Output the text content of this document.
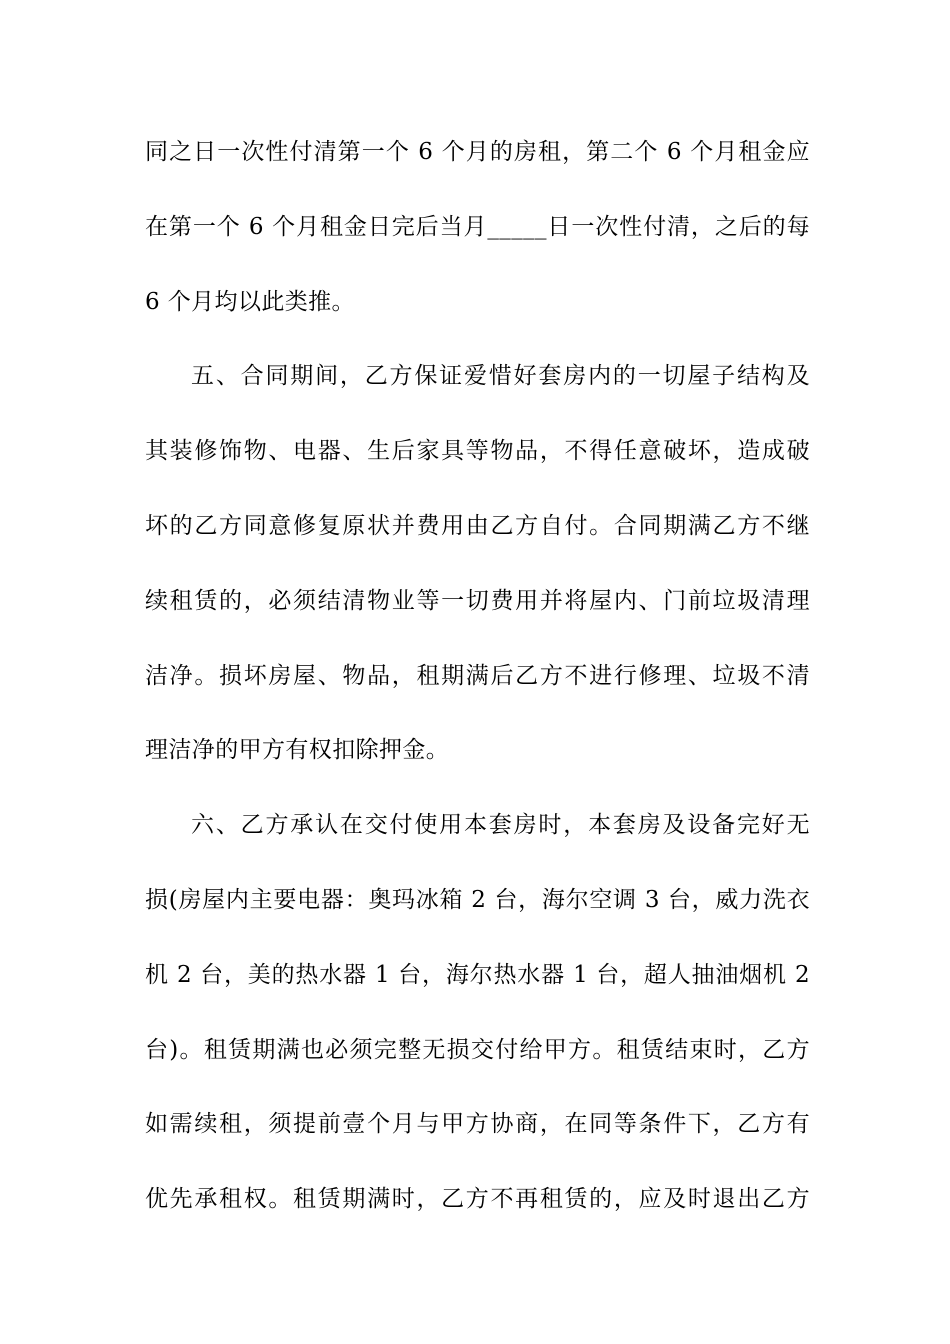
同之日一次性付清第一个 6 个月的房租，第二个 6 个月租金应
在第一个 6 个月租金日完后当月_____日一次性付清，之后的每
6 个月均以此类推。
五、合同期间，乙方保证爱惜好套房内的一切屋子结构及
其装修饰物、电器、生后家具等物品，不得任意破坏，造成破
坏的乙方同意修复原状并费用由乙方自付。合同期满乙方不继
续租赁的，必须结清物业等一切费用并将屋内、门前垃圾清理
洁净。损坏房屋、物品，租期满后乙方不进行修理、垃圾不清
理洁净的甲方有权扣除押金。
六、乙方承认在交付使用本套房时，本套房及设备完好无
损(房屋内主要电器：奥玛冰箱 2 台，海尔空调 3 台，威力洗衣
机 2 台，美的热水器 1 台，海尔热水器 1 台，超人抽油烟机 2
台)。租赁期满也必须完整无损交付给甲方。租赁结束时，乙方
如需续租，须提前壹个月与甲方协商，在同等条件下，乙方有
优先承租权。租赁期满时，乙方不再租赁的，应及时退出乙方
